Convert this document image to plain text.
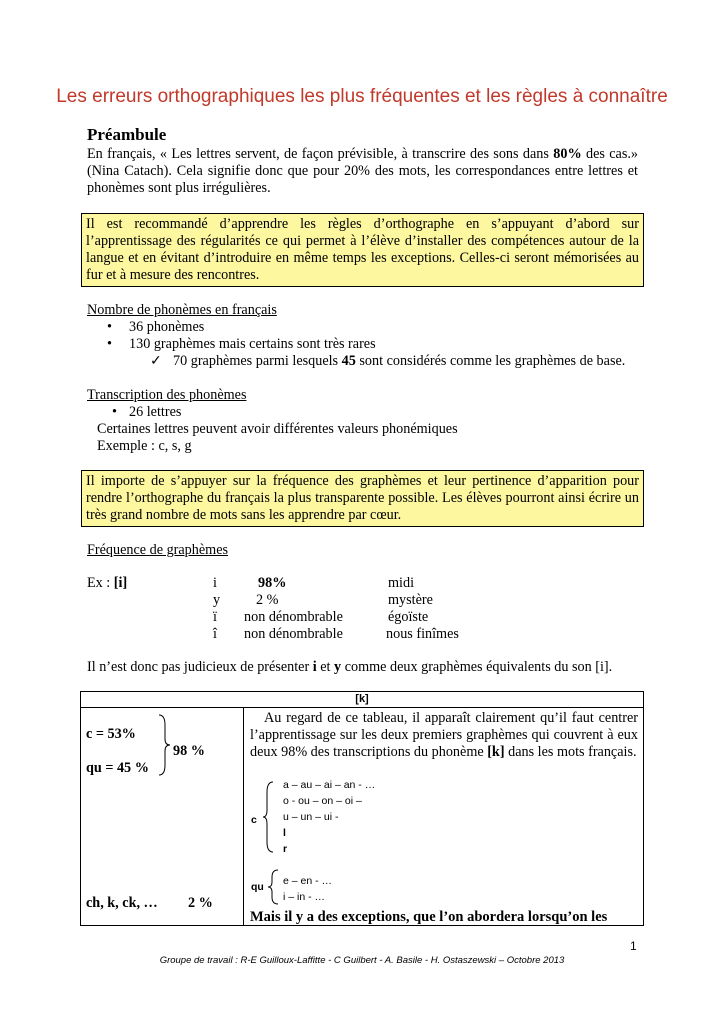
Les erreurs orthographiques les plus fréquentes et les règles à connaître
Préambule
En français, « Les lettres servent, de façon prévisible, à transcrire des sons dans 80% des cas.» (Nina Catach). Cela signifie donc que pour 20% des mots, les correspondances entre lettres et phonèmes sont plus irrégulières.
Il est recommandé d’apprendre les règles d’orthographe en s’appuyant d’abord sur l’apprentissage des régularités ce qui permet à l’élève d’installer des compétences autour de la langue et en évitant d’introduire en même temps les exceptions. Celles-ci seront mémorisées au fur et à mesure des rencontres.
Nombre de phonèmes en français
• 36 phonèmes
• 130 graphèmes mais certains sont très rares
✓ 70 graphèmes parmi lesquels 45 sont considérés comme les graphèmes de base.
Transcription des phonèmes
• 26 lettres
Certaines lettres peuvent avoir différentes valeurs phonémiques
Exemple : c, s, g
Il importe de s’appuyer sur la fréquence des graphèmes et leur pertinence d’apparition pour rendre l’orthographe du français la plus transparente possible. Les élèves pourront ainsi écrire un très grand nombre de mots sans les apprendre par cœur.
Fréquence de graphèmes
Ex : [i]	i	98%	midi
y	2 %	mystère
ï non dénombrable	égoïste
î non dénombrable	nous finîmes
Il n’est donc pas judicieux de présenter i et y comme deux graphèmes équivalents du son [i].
[k]

c = 53%
qu = 45 %
98 %
ch, k, ck, … 2 %

Au regard de ce tableau, il apparaît clairement qu’il faut centrer l’apprentissage sur les deux premiers graphèmes qui couvrent à eux deux 98% des transcriptions du phonème [k] dans les mots français.
c
a – au – ai – an - …
o - ou – on – oi –
u – un – ui -
l
r
qu e – en - …
i – in - …
Mais il y a des exceptions, que l’on abordera lorsqu’on les
1
Groupe de travail : R-E Guilloux-Laffitte - C Guilbert - A. Basile - H. Ostaszewski – Octobre 2013
